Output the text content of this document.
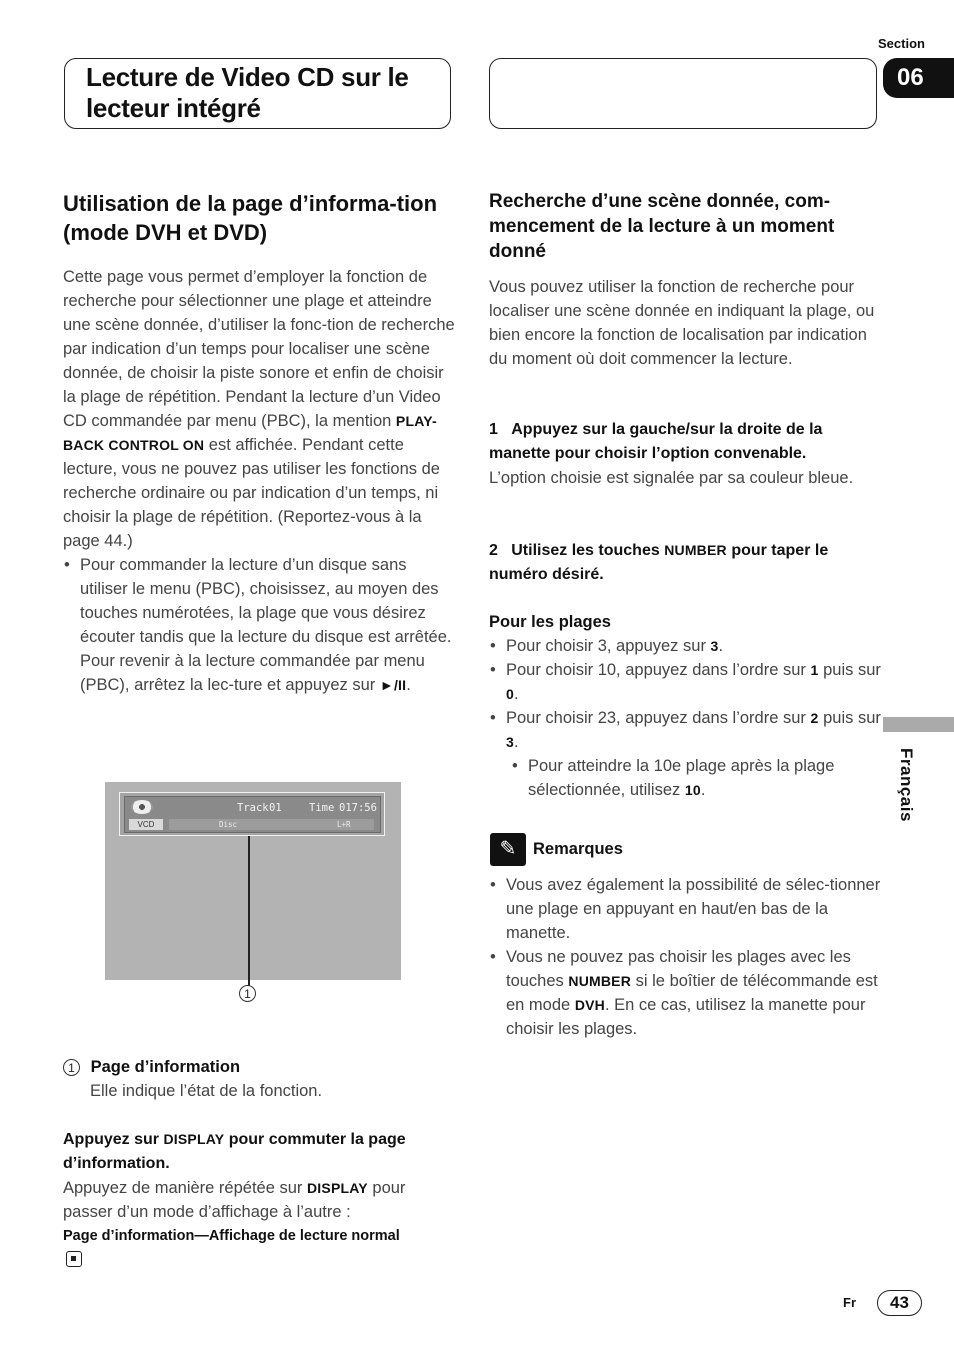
Section
06
Lecture de Video CD sur le lecteur intégré
Utilisation de la page d’informa-tion (mode DVH et DVD)

Cette page vous permet d’employer la fonction de recherche pour sélectionner une plage et atteindre une scène donnée, d’utiliser la fonc-tion de recherche par indication d’un temps pour localiser une scène donnée, de choisir la piste sonore et enfin de choisir la plage de répétition. Pendant la lecture d’un Video CD commandée par menu (PBC), la mention PLAY-BACK CONTROL ON est affichée. Pendant cette lecture, vous ne pouvez pas utiliser les fonctions de recherche ordinaire ou par indication d’un temps, ni choisir la plage de répétition. (Reportez-vous à la page 44.)

• Pour commander la lecture d’un disque sans utiliser le menu (PBC), choisissez, au moyen des touches numérotées, la plage que vous désirez écouter tandis que la lecture du disque est arrêtée. Pour revenir à la lecture commandée par menu (PBC), arrêtez la lec-ture et appuyez sur ►/II.
VCD
Track 01	Time 017:56
Disc	L+R
1

1 Page d’information

Elle indique l’état de la fonction.

Appuyez sur DISPLAY pour commuter la page d’information.

Appuyez de manière répétée sur DISPLAY pour passer d’un mode d’affichage à l’autre :

Page d’information—Affichage de lecture normal

Recherche d’une scène donnée, com-mencement de la lecture à un moment donné
Vous pouvez utiliser la fonction de recherche pour localiser une scène donnée en indiquant la plage, ou bien encore la fonction de localisation par indication du moment où doit commencer la lecture.

1 Appuyez sur la gauche/sur la droite de la manette pour choisir l’option convenable.

L’option choisie est signalée par sa couleur bleue.

2 Utilisez les touches NUMBER pour taper le numéro désiré.

Pour les plages

• Pour choisir 3, appuyez sur 3.
• Pour choisir 10, appuyez dans l’ordre sur 1 puis sur 0.
• Pour choisir 23, appuyez dans l’ordre sur 2 puis sur 3.
• Pour atteindre la 10e plage après la plage sélectionnée, utilisez 10.
✎	Remarques
• Vous avez également la possibilité de sélec-tionner une plage en appuyant en haut/en bas de la manette.
• Vous ne pouvez pas choisir les plages avec les touches NUMBER si le boîtier de télécommande est en mode DVH. En ce cas, utilisez la manette pour choisir les plages.
Français
Fr	43
